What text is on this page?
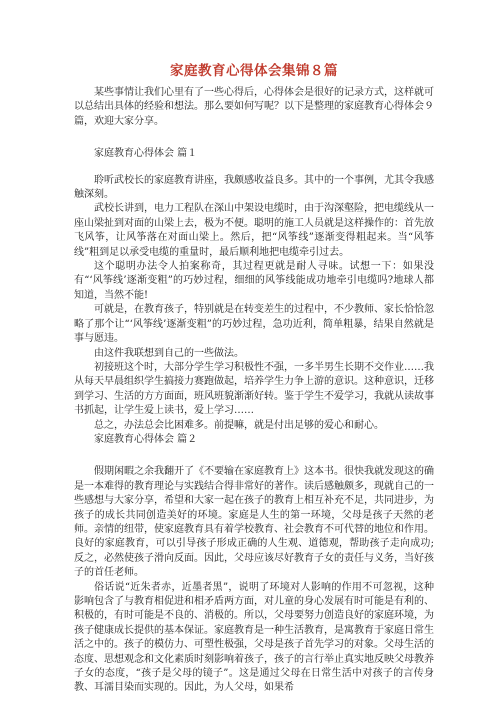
家庭教育心得体会集锦８篇

某些事情让我们心里有了一些心得后，心得体会是很好的记录方式，这样就可以总结出具体的经验和想法。那么要如何写呢？以下是整理的家庭教育心得体会９篇，欢迎大家分享。

家庭教育心得体会 篇１

聆听武校长的家庭教育讲座，我颇感收益良多。其中的一个事例，尤其令我感触深刻。

武校长讲到，电力工程队在深山中架设电缆时，由于沟深壑险，把电缆线从一座山梁扯到对面的山梁上去，极为不便。聪明的施工人员就是这样操作的：首先放飞风筝，让风筝落在对面山梁上。然后，把“风筝线”逐渐变得粗起来。当“风筝线”粗到足以承受电缆的重量时，最后顺利地把电缆牵引过去。

这个聪明办法令人拍案称奇，其过程更就是耐人寻味。试想一下：如果没有“‘风筝线’逐渐变粗”的巧妙过程，细细的风筝线能成功地牵引电缆吗?地球人都知道，当然不能!

可就是，在教育孩子，特别就是在转变差生的过程中，不少教师、家长恰恰忽略了那个让“‘风筝线’逐渐变粗”的巧妙过程，急功近利，简单粗暴，结果自然就是事与愿违。

由这件我联想到自己的一些做法。

初接班这个时，大部分学生学习积极性不强，一多半男生长期不交作业……我从每天早晨组织学生搞接力赛跑做起，培养学生力争上游的意识。这种意识，迁移到学习、生活的方方面面，班风班貌渐渐好转。鉴于学生不爱学习，我就从读故事书抓起，让学生爱上读书，爱上学习……

总之，办法总会比困难多。前提嘛，就是付出足够的爱心和耐心。

家庭教育心得体会 篇２

假期闲暇之余我翻开了《不要输在家庭教育上》这本书。很快我就发现这的确是一本难得的教育理论与实践结合得非常好的著作。读后感触颇多，现就自己的一些感想与大家分享，希望和大家一起在孩子的教育上相互补充不足，共同进步，为孩子的成长共同创造美好的环境。家庭是人生的第一环境，父母是孩子天然的老师。亲情的纽带，使家庭教育具有着学校教育、社会教育不可代替的地位和作用。良好的家庭教育，可以引导孩子形成正确的人生观、道德观，帮助孩子走向成功;反之，必然使孩子滑向反面。因此，父母应该尽好教育子女的责任与义务，当好孩子的首任老师。

俗话说“近朱者赤，近墨者黑”，说明了环境对人影响的作用不可忽视，这种影响包含了与教育相促进和相矛盾两方面，对儿童的身心发展有时可能是有利的、积极的，有时可能是不良的、消极的。所以，父母要努力创造良好的家庭环境，为孩子健康成长提供的基本保证。家庭教育是一种生活教育，是寓教育于家庭日常生活之中的。孩子的模仿力、可塑性极强，父母是孩子首先学习的对象。父母生活的态度、思想观念和文化素质时刻影响着孩子，孩子的言行举止真实地反映父母教养子女的态度，“孩子是父母的镜子”。这是通过父母在日常生活中对孩子的言传身教、耳濡目染而实现的。因此，为人父母，如果希
